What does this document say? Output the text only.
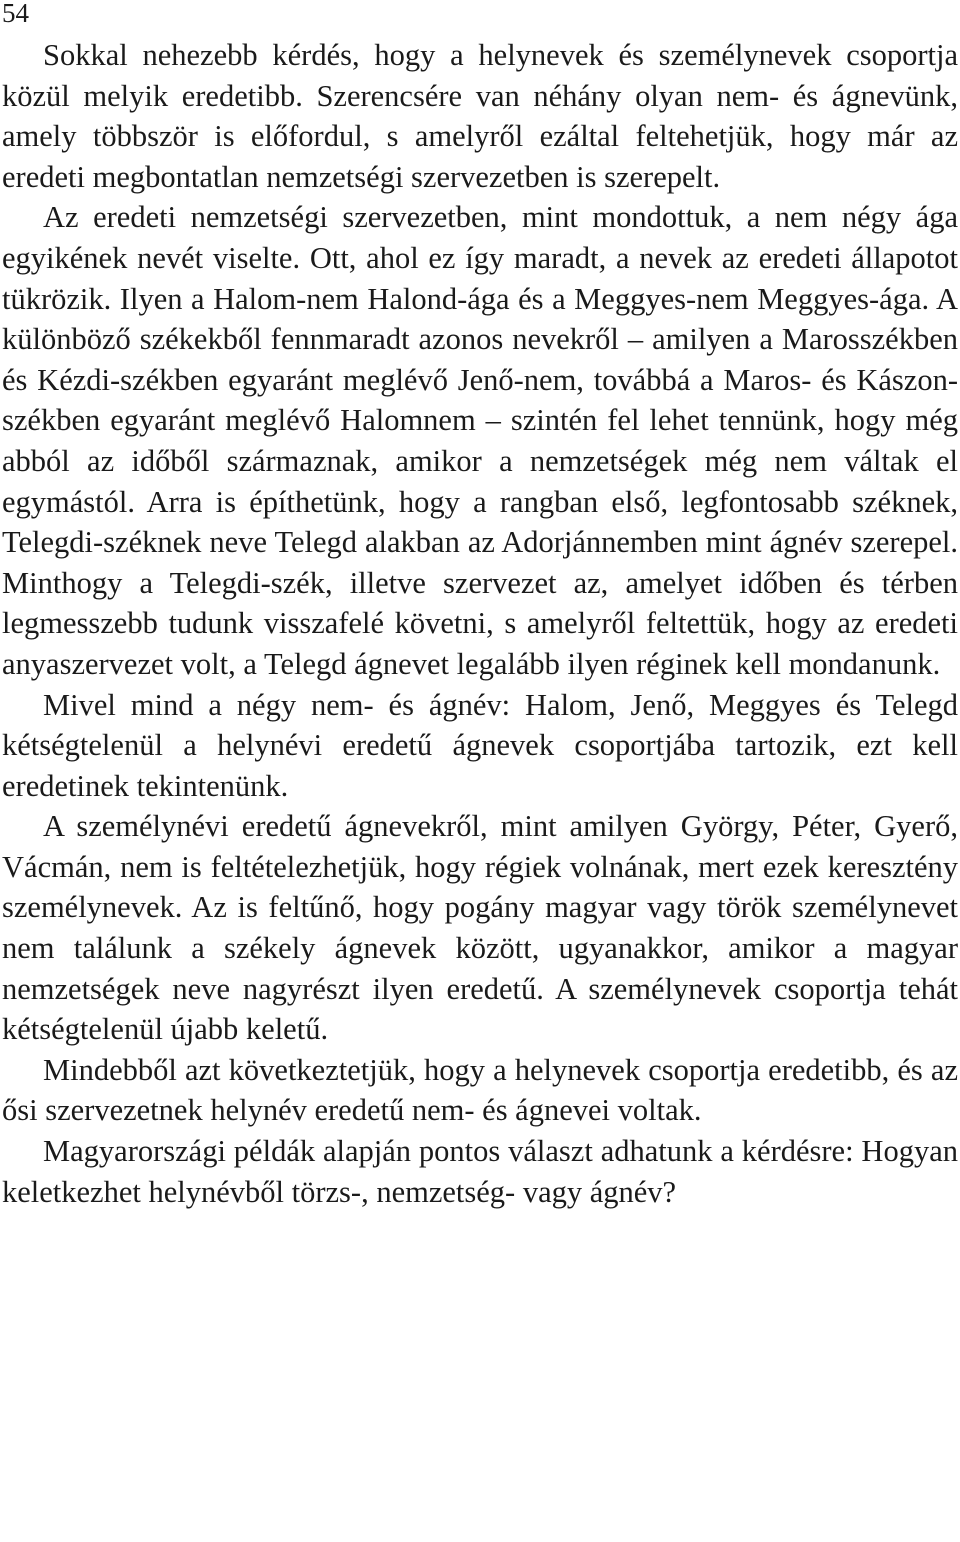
54

Sokkal nehezebb kérdés, hogy a helynevek és személynevek csoportja közül melyik eredetibb. Szerencsére van néhány olyan nem- és ágnevünk, amely többször is előfordul, s amelyről ezáltal feltehetjük, hogy már az eredeti megbontatlan nemzetségi szervezetben is szerepelt.

Az eredeti nemzetségi szervezetben, mint mondottuk, a nem négy ága egyikének nevét viselte. Ott, ahol ez így maradt, a nevek az eredeti állapotot tükrözik. Ilyen a Halom-nem Halond-ága és a Meggyes-nem Meggyes-ága. A különböző székekből fennmaradt azonos nevekről – amilyen a Marosszékben és Kézdi-székben egyaránt meglévő Jenő-nem, továbbá a Maros- és Kászon-székben egyaránt meglévő Halomnem – szintén fel lehet tennünk, hogy még abból az időből származnak, amikor a nemzetségek még nem váltak el egymástól. Arra is építhetünk, hogy a rangban első, legfontosabb széknek, Telegdi-széknek neve Telegd alakban az Adorjánnemben mint ágnév szerepel. Minthogy a Telegdi-szék, illetve szervezet az, amelyet időben és térben legmesszebb tudunk visszafelé követni, s amelyről feltettük, hogy az eredeti anyaszervezet volt, a Telegd ágnevet legalább ilyen réginek kell mondanunk.

Mivel mind a négy nem- és ágnév: Halom, Jenő, Meggyes és Telegd kétségtelenül a helynévi eredetű ágnevek csoportjába tartozik, ezt kell eredetinek tekintenünk.

A személynévi eredetű ágnevekről, mint amilyen György, Péter, Gyerő, Vácmán, nem is feltételezhetjük, hogy régiek volnának, mert ezek keresztény személynevek. Az is feltűnő, hogy pogány magyar vagy török személynevet nem találunk a székely ágnevek között, ugyanakkor, amikor a magyar nemzetségek neve nagyrészt ilyen eredetű. A személynevek csoportja tehát kétségtelenül újabb keletű.

Mindebből azt következtetjük, hogy a helynevek csoportja eredetibb, és az ősi szervezetnek helynév eredetű nem- és ágnevei voltak.

Magyarországi példák alapján pontos választ adhatunk a kérdésre: Hogyan keletkezhet helynévből törzs-, nemzetség- vagy ágnév?
